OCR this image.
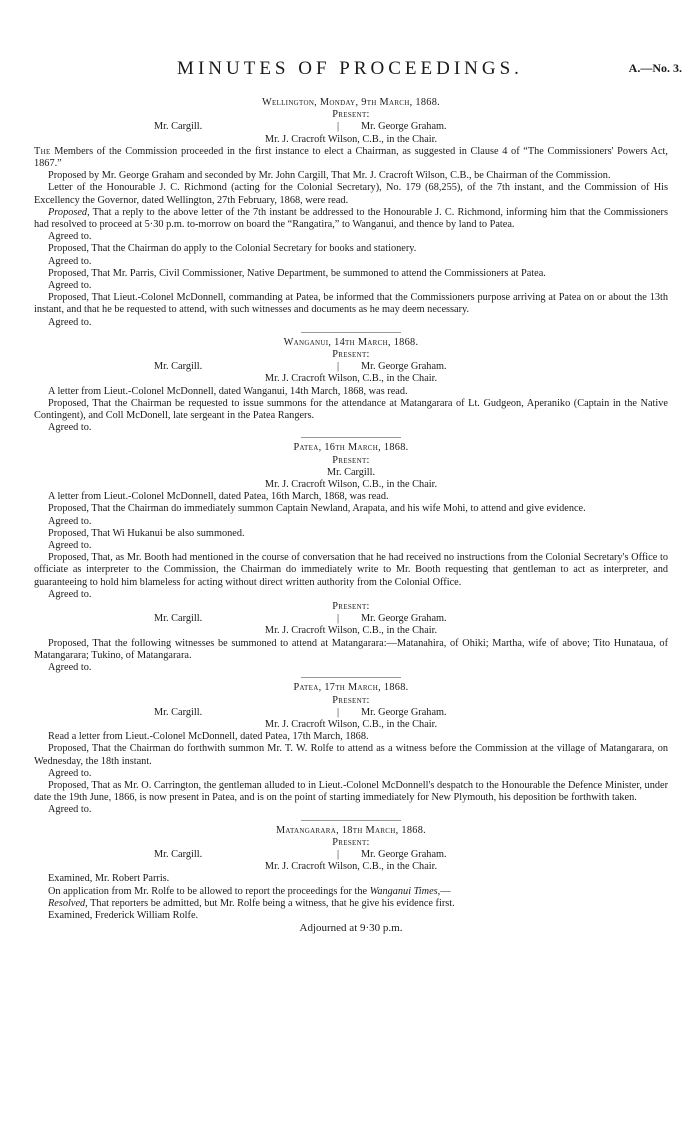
MINUTES OF PROCEEDINGS.	A.—No. 3.
Wellington, Monday, 9th March, 1868.
Present:
Mr. Cargill.	| Mr. George Graham.
Mr. J. Cracroft Wilson, C.B., in the Chair.

The Members of the Commission proceeded in the first instance to elect a Chairman, as suggested in Clause 4 of “The Commissioners' Powers Act, 1867.”

Proposed by Mr. George Graham and seconded by Mr. John Cargill, That Mr. J. Cracroft Wilson, C.B., be Chairman of the Commission.

Letter of the Honourable J. C. Richmond (acting for the Colonial Secretary), No. 179 (68,255), of the 7th instant, and the Commission of His Excellency the Governor, dated Wellington, 27th February, 1868, were read.

Proposed, That a reply to the above letter of the 7th instant be addressed to the Honourable J. C. Richmond, informing him that the Commissioners had resolved to proceed at 5·30 p.m. to-morrow on board the “Rangatira,” to Wanganui, and thence by land to Patea.

Agreed to.

Proposed, That the Chairman do apply to the Colonial Secretary for books and stationery.

Agreed to.

Proposed, That Mr. Parris, Civil Commissioner, Native Department, be summoned to attend the Commissioners at Patea.

Agreed to.

Proposed, That Lieut.-Colonel McDonnell, commanding at Patea, be informed that the Commissioners purpose arriving at Patea on or about the 13th instant, and that he be requested to attend, with such witnesses and documents as he may deem necessary.

Agreed to.

Wanganui, 14th March, 1868.
Present:
Mr. Cargill.	| Mr. George Graham.
Mr. J. Cracroft Wilson, C.B., in the Chair.

A letter from Lieut.-Colonel McDonnell, dated Wanganui, 14th March, 1868, was read.

Proposed, That the Chairman be requested to issue summons for the attendance at Matangarara of Lt. Gudgeon, Aperaniko (Captain in the Native Contingent), and Coll McDonell, late sergeant in the Patea Rangers.

Agreed to.

Patea, 16th March, 1868.
Present:
Mr. Cargill.
Mr. J. Cracroft Wilson, C.B., in the Chair.

A letter from Lieut.-Colonel McDonnell, dated Patea, 16th March, 1868, was read.

Proposed, That the Chairman do immediately summon Captain Newland, Arapata, and his wife Mohi, to attend and give evidence.

Agreed to.

Proposed, That Wi Hukanui be also summoned.

Agreed to.

Proposed, That, as Mr. Booth had mentioned in the course of conversation that he had received no instructions from the Colonial Secretary's Office to officiate as interpreter to the Commission, the Chairman do immediately write to Mr. Booth requesting that gentleman to act as interpreter, and guaranteeing to hold him blameless for acting without direct written authority from the Colonial Office.

Agreed to.

Present:
Mr. Cargill.	| Mr. George Graham.
Mr. J. Cracroft Wilson, C.B., in the Chair.

Proposed, That the following witnesses be summoned to attend at Matangarara:—Matanahira, of Ohiki; Martha, wife of above; Tito Hunataua, of Matangarara; Tukino, of Matangarara.

Agreed to.

Patea, 17th March, 1868.
Present:
Mr. Cargill.	| Mr. George Graham.
Mr. J. Cracroft Wilson, C.B., in the Chair.

Read a letter from Lieut.-Colonel McDonnell, dated Patea, 17th March, 1868.

Proposed, That the Chairman do forthwith summon Mr. T. W. Rolfe to attend as a witness before the Commission at the village of Matangarara, on Wednesday, the 18th instant.

Agreed to.

Proposed, That as Mr. O. Carrington, the gentleman alluded to in Lieut.-Colonel McDonnell's despatch to the Honourable the Defence Minister, under date the 19th June, 1866, is now present in Patea, and is on the point of starting immediately for New Plymouth, his deposition be forthwith taken.

Agreed to.

Matangarara, 18th March, 1868.
Present:
Mr. Cargill.	| Mr. George Graham.
Mr. J. Cracroft Wilson, C.B., in the Chair.

Examined, Mr. Robert Parris.

On application from Mr. Rolfe to be allowed to report the proceedings for the Wanganui Times,—

Resolved, That reporters be admitted, but Mr. Rolfe being a witness, that he give his evidence first.

Examined, Frederick William Rolfe.

Adjourned at 9·30 p.m.
